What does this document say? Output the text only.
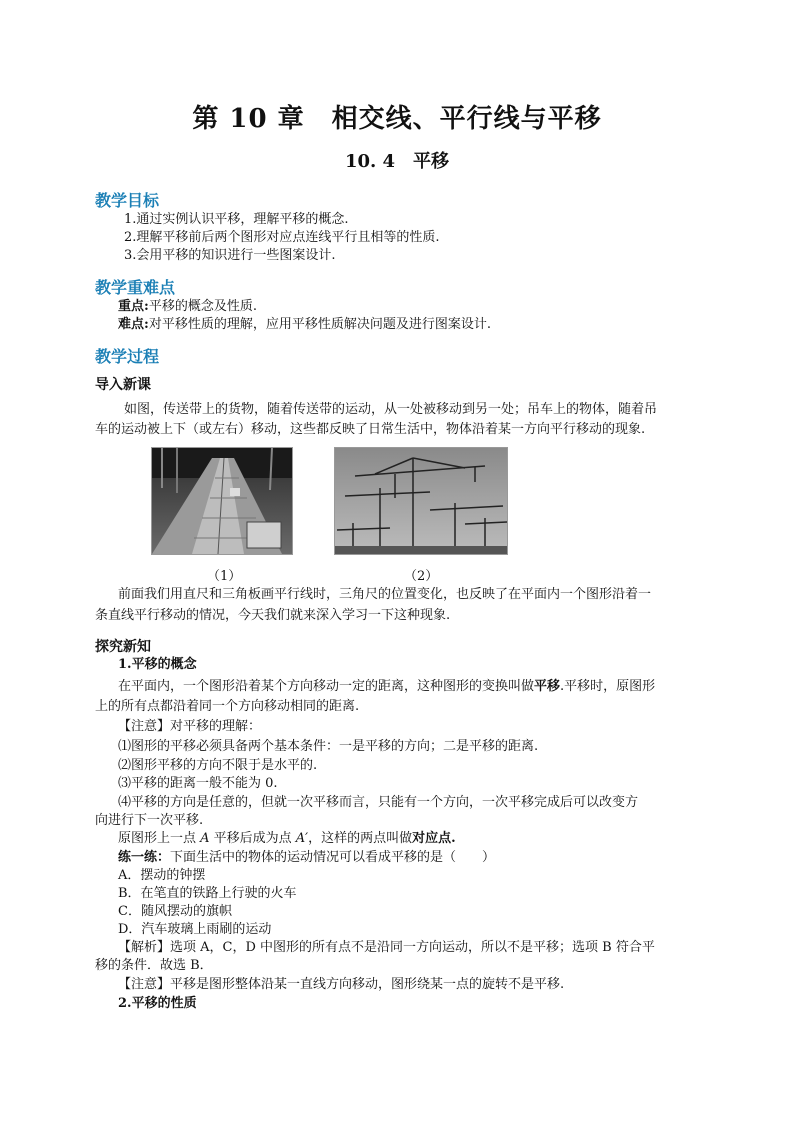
第 10 章　相交线、平行线与平移
10. 4　平移
教学目标
1.通过实例认识平移，理解平移的概念.
2.理解平移前后两个图形对应点连线平行且相等的性质.
3.会用平移的知识进行一些图案设计.
教学重难点
重点:平移的概念及性质.
难点:对平移性质的理解，应用平移性质解决问题及进行图案设计.
教学过程
导入新课
如图，传送带上的货物，随着传送带的运动，从一处被移动到另一处；吊车上的物体，随着吊
车的运动被上下（或左右）移动，这些都反映了日常生活中，物体沿着某一方向平行移动的现象.
（1）	（2）
前面我们用直尺和三角板画平行线时，三角尺的位置变化，也反映了在平面内一个图形沿着一
条直线平行移动的情况，今天我们就来深入学习一下这种现象.
探究新知
1.平移的概念
在平面内，一个图形沿着某个方向移动一定的距离，这种图形的变换叫做平移.平移时，原图形
上的所有点都沿着同一个方向移动相同的距离.
【注意】对平移的理解：
⑴图形的平移必须具备两个基本条件：一是平移的方向；二是平移的距离.
⑵图形平移的方向不限于是水平的.
⑶平移的距离一般不能为 0.
⑷平移的方向是任意的，但就一次平移而言，只能有一个方向，一次平移完成后可以改变方
向进行下一次平移.
原图形上一点 A 平移后成为点 A′，这样的两点叫做对应点.
练一练：下面生活中的物体的运动情况可以看成平移的是（　　）
A．摆动的钟摆
B．在笔直的铁路上行驶的火车
C．随风摆动的旗帜
D．汽车玻璃上雨刷的运动
【解析】选项 A，C，D 中图形的所有点不是沿同一方向运动，所以不是平移；选项 B 符合平
移的条件．故选 B．
【注意】平移是图形整体沿某一直线方向移动，图形绕某一点的旋转不是平移.
2.平移的性质
